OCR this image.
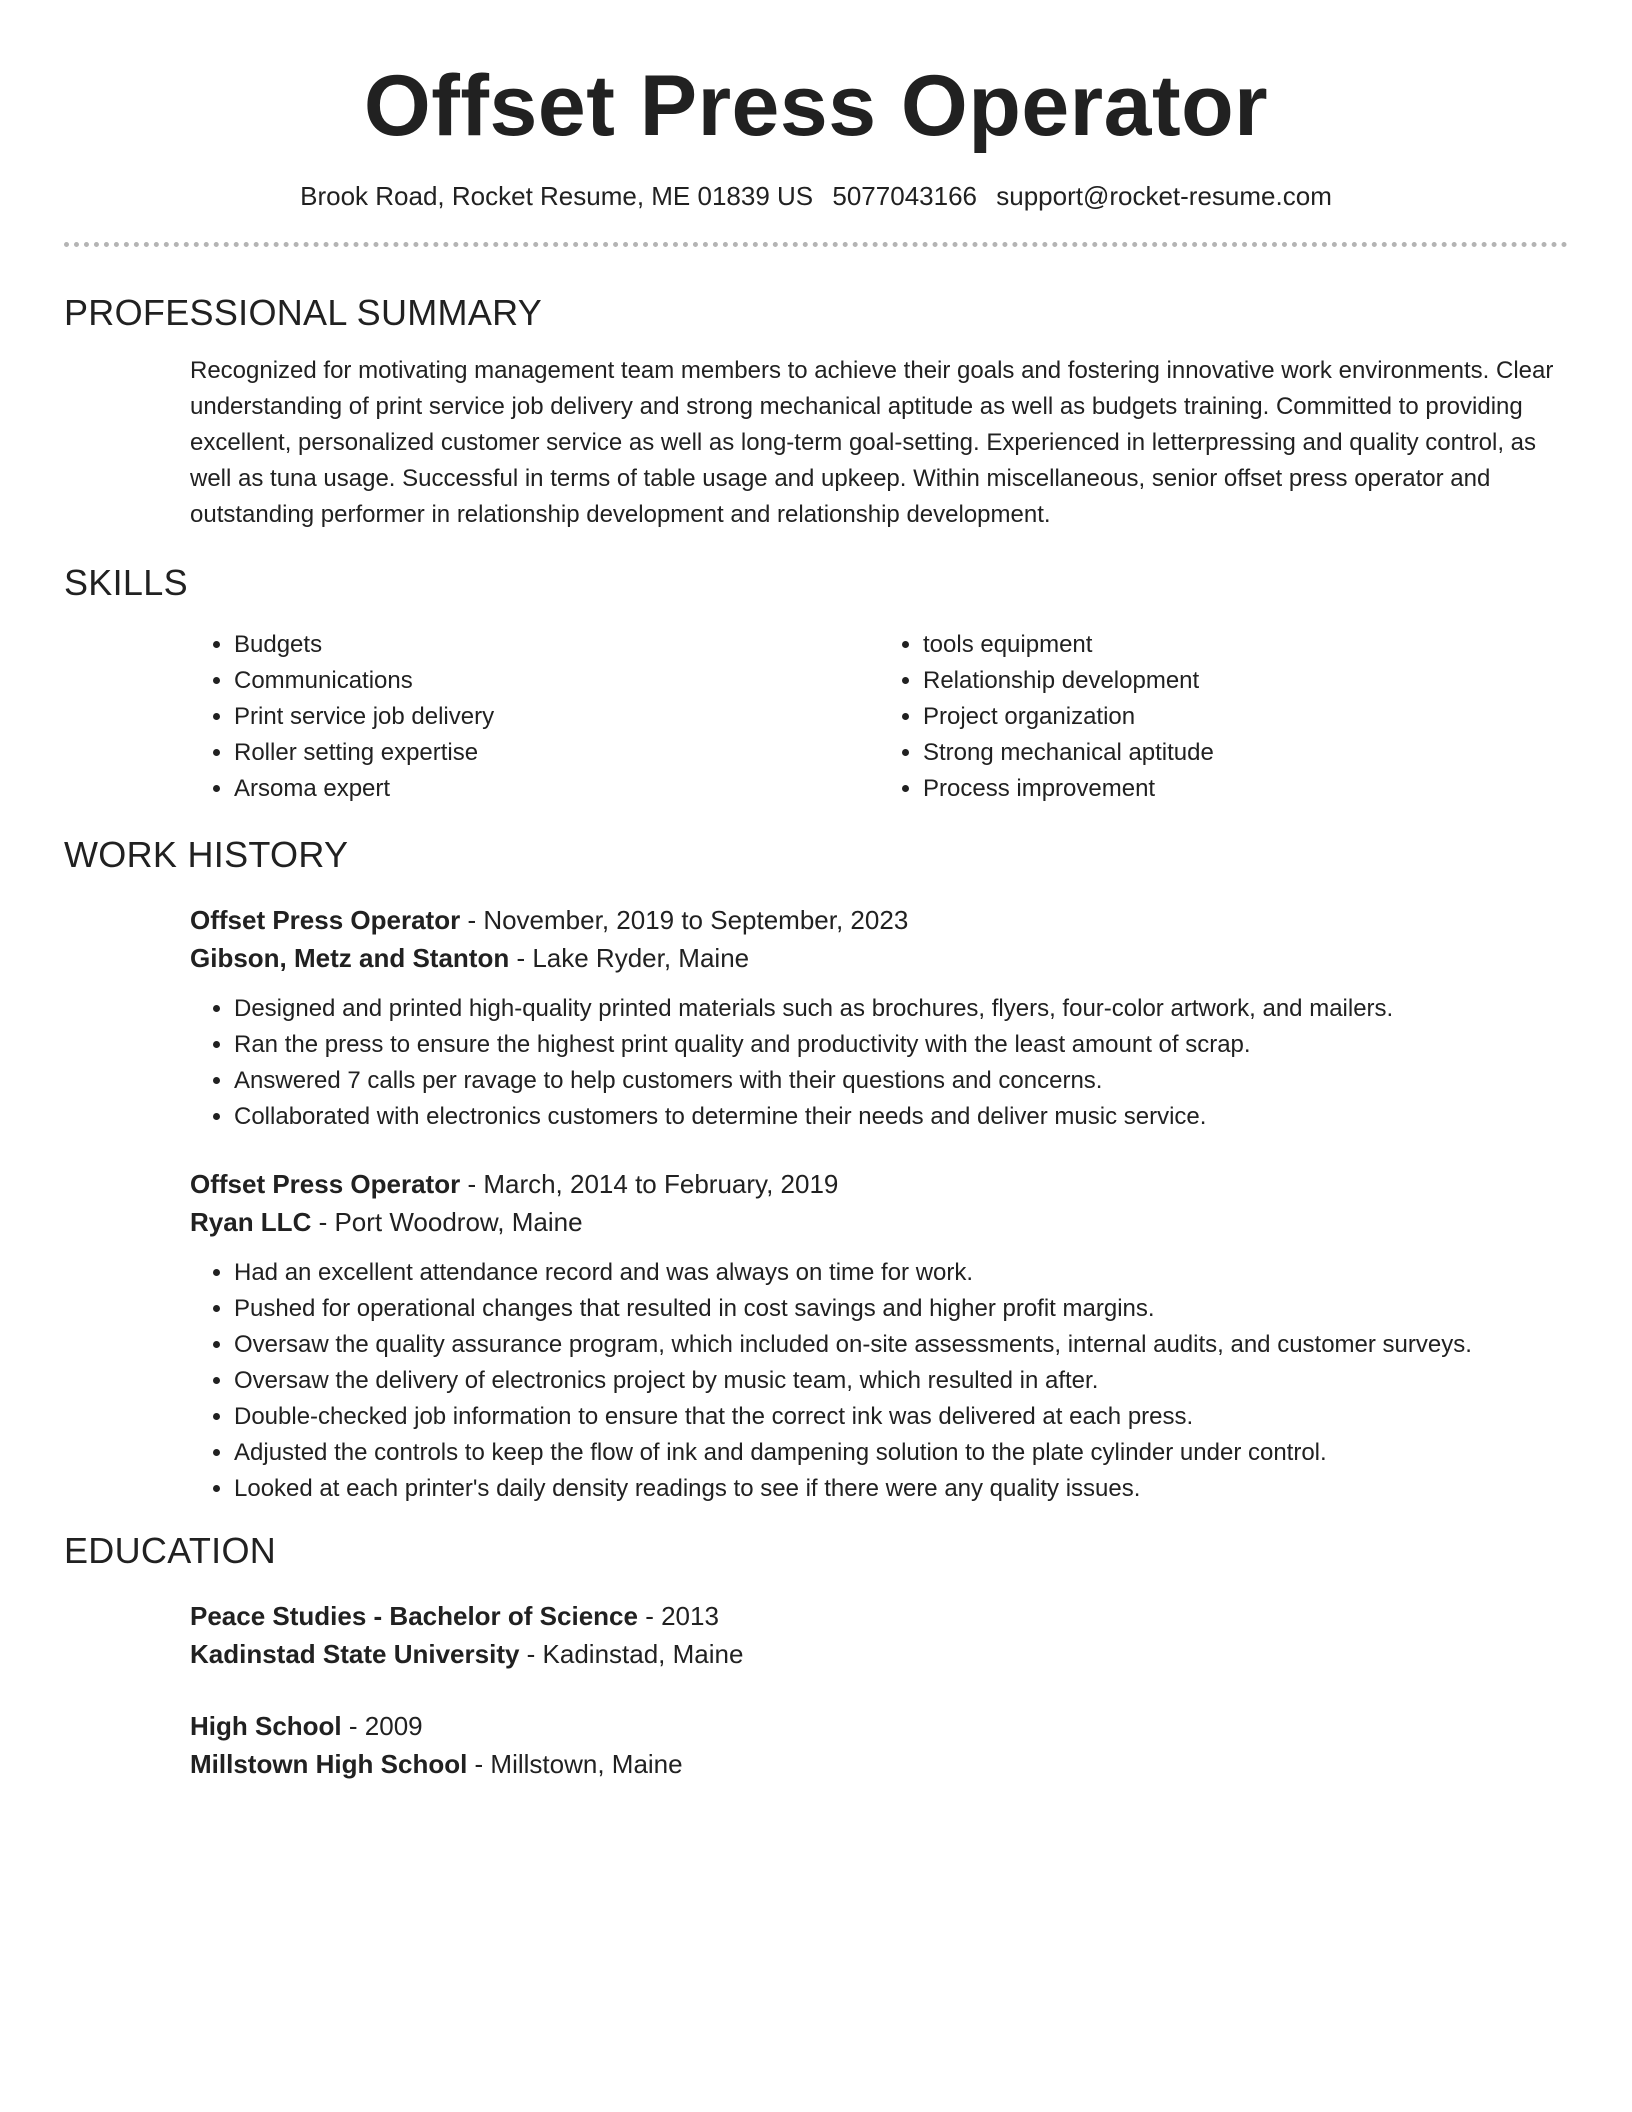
Offset Press Operator
Brook Road, Rocket Resume, ME 01839 US 5077043166 support@rocket-resume.com
PROFESSIONAL SUMMARY

Recognized for motivating management team members to achieve their goals and fostering innovative work environments. Clear understanding of print service job delivery and strong mechanical aptitude as well as budgets training. Committed to providing excellent, personalized customer service as well as long-term goal-setting. Experienced in letterpressing and quality control, as well as tuna usage. Successful in terms of table usage and upkeep. Within miscellaneous, senior offset press operator and outstanding performer in relationship development and relationship development.

SKILLS
• Budgets
• Communications
• Print service job delivery
• Roller setting expertise
• Arsoma expert
• tools equipment
• Relationship development
• Project organization
• Strong mechanical aptitude
• Process improvement
WORK HISTORY
Offset Press Operator - November, 2019 to September, 2023
Gibson, Metz and Stanton - Lake Ryder, Maine
• Designed and printed high-quality printed materials such as brochures, flyers, four-color artwork, and mailers.
• Ran the press to ensure the highest print quality and productivity with the least amount of scrap.
• Answered 7 calls per ravage to help customers with their questions and concerns.
• Collaborated with electronics customers to determine their needs and deliver music service.
Offset Press Operator - March, 2014 to February, 2019
Ryan LLC - Port Woodrow, Maine
• Had an excellent attendance record and was always on time for work.
• Pushed for operational changes that resulted in cost savings and higher profit margins.
• Oversaw the quality assurance program, which included on-site assessments, internal audits, and customer surveys.
• Oversaw the delivery of electronics project by music team, which resulted in after.
• Double-checked job information to ensure that the correct ink was delivered at each press.
• Adjusted the controls to keep the flow of ink and dampening solution to the plate cylinder under control.
• Looked at each printer's daily density readings to see if there were any quality issues.
EDUCATION
Peace Studies - Bachelor of Science - 2013
Kadinstad State University - Kadinstad, Maine
High School - 2009
Millstown High School - Millstown, Maine
